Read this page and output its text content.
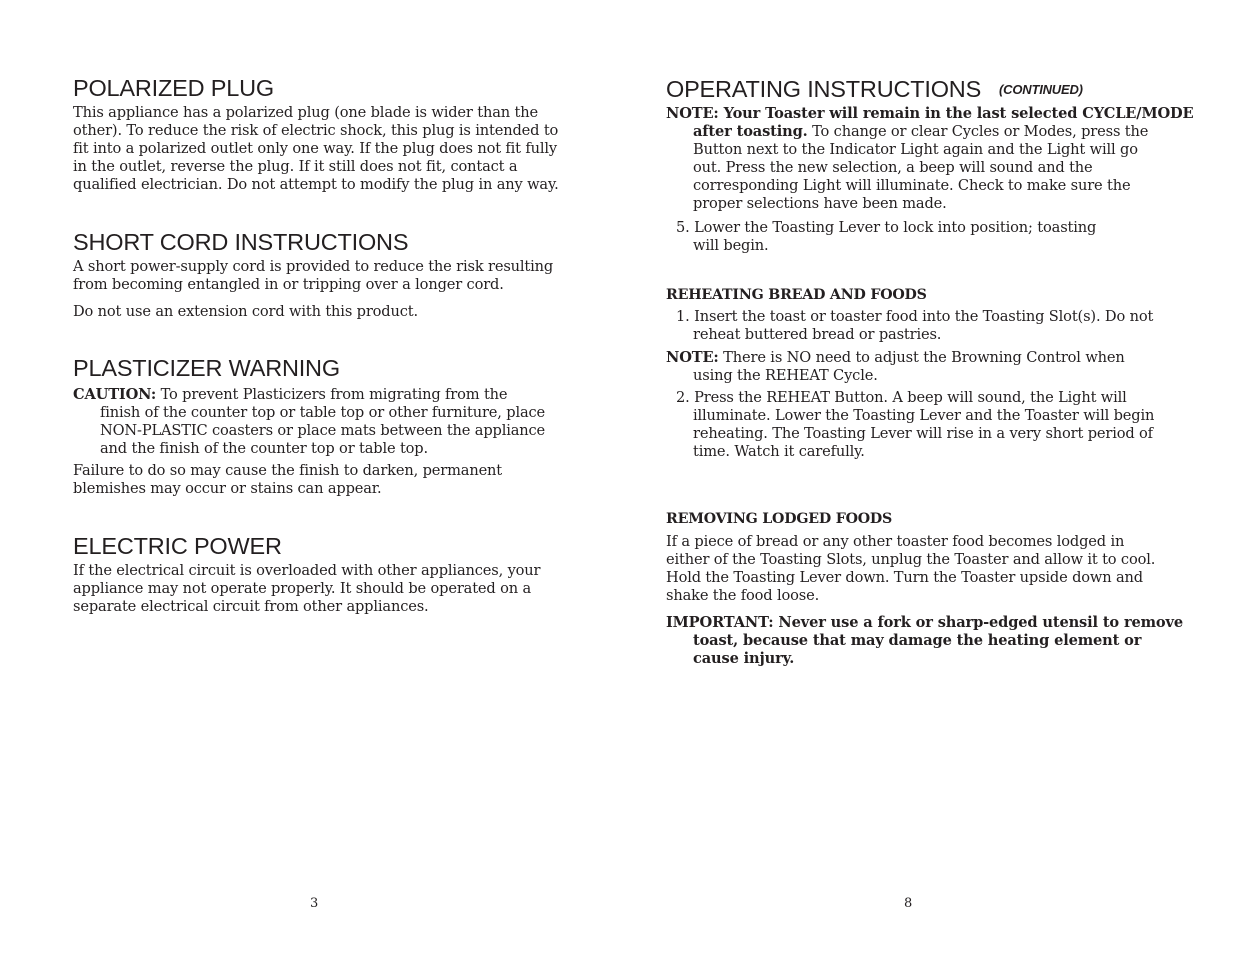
POLARIZED PLUG
This appliance has a polarized plug (one blade is wider than the
other). To reduce the risk of electric shock, this plug is intended to
fit into a polarized outlet only one way. If the plug does not fit fully
in the outlet, reverse the plug. If it still does not fit, contact a
qualified electrician. Do not attempt to modify the plug in any way.
SHORT CORD INSTRUCTIONS
A short power-supply cord is provided to reduce the risk resulting
from becoming entangled in or tripping over a longer cord.
Do not use an extension cord with this product.
PLASTICIZER WARNING
CAUTION: To prevent Plasticizers from migrating from the
finish of the counter top or table top or other furniture, place
NON-PLASTIC coasters or place mats between the appliance
and the finish of the counter top or table top.
Failure to do so may cause the finish to darken, permanent
blemishes may occur or stains can appear.
ELECTRIC POWER
If the electrical circuit is overloaded with other appliances, your
appliance may not operate properly. It should be operated on a
separate electrical circuit from other appliances.
3
OPERATING INSTRUCTIONS (CONTINUED)
NOTE: Your Toaster will remain in the last selected CYCLE/MODE
after toasting. To change or clear Cycles or Modes, press the
Button next to the Indicator Light again and the Light will go
out. Press the new selection, a beep will sound and the
corresponding Light will illuminate. Check to make sure the
proper selections have been made.
5. Lower the Toasting Lever to lock into position; toasting
will begin.
REHEATING BREAD AND FOODS
1. Insert the toast or toaster food into the Toasting Slot(s). Do not
reheat buttered bread or pastries.
NOTE: There is NO need to adjust the Browning Control when
using the REHEAT Cycle.
2. Press the REHEAT Button. A beep will sound, the Light will
illuminate. Lower the Toasting Lever and the Toaster will begin
reheating. The Toasting Lever will rise in a very short period of
time. Watch it carefully.
REMOVING LODGED FOODS
If a piece of bread or any other toaster food becomes lodged in
either of the Toasting Slots, unplug the Toaster and allow it to cool.
Hold the Toasting Lever down. Turn the Toaster upside down and
shake the food loose.
IMPORTANT: Never use a fork or sharp-edged utensil to remove
toast, because that may damage the heating element or
cause injury.
8
